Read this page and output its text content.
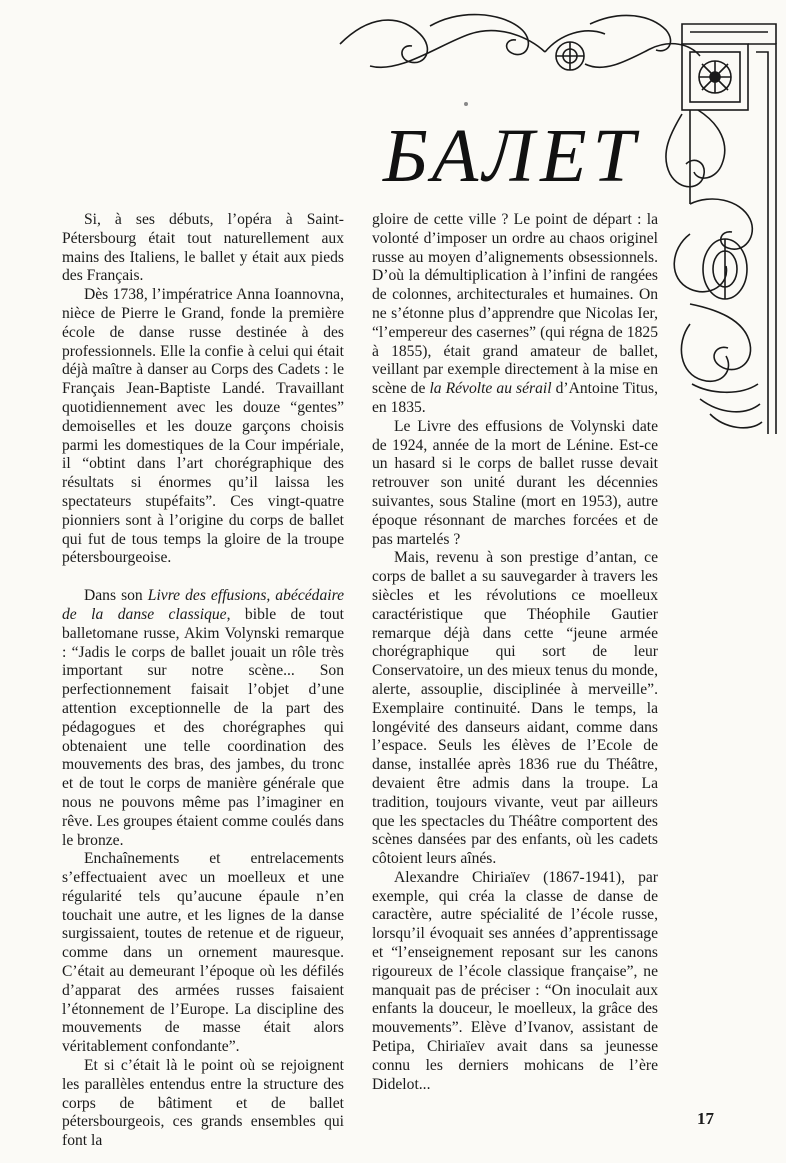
БАЛЕТ

Si, à ses débuts, l’opéra à Saint-Pétersbourg était tout naturellement aux mains des Italiens, le ballet y était aux pieds des Français.

Dès 1738, l’impératrice Anna Ioannovna, nièce de Pierre le Grand, fonde la première école de danse russe destinée à des professionnels. Elle la confie à celui qui était déjà maître à danser au Corps des Cadets : le Français Jean-Baptiste Landé. Travaillant quotidiennement avec les douze “gentes” demoiselles et les douze garçons choisis parmi les domestiques de la Cour impériale, il “obtint dans l’art chorégraphique des résultats si énormes qu’il laissa les spectateurs stupéfaits”. Ces vingt-quatre pionniers sont à l’origine du corps de ballet qui fut de tous temps la gloire de la troupe pétersbourgeoise.

Dans son Livre des effusions, abécédaire de la danse classique, bible de tout balletomane russe, Akim Volynski remarque : “Jadis le corps de ballet jouait un rôle très important sur notre scène... Son perfectionnement faisait l’objet d’une attention exceptionnelle de la part des pédagogues et des chorégraphes qui obtenaient une telle coordination des mouvements des bras, des jambes, du tronc et de tout le corps de manière générale que nous ne pouvons même pas l’imaginer en rêve. Les groupes étaient comme coulés dans le bronze.

Enchaînements et entrelacements s’effectuaient avec un moelleux et une régularité tels qu’aucune épaule n’en touchait une autre, et les lignes de la danse surgissaient, toutes de retenue et de rigueur, comme dans un ornement mauresque. C’était au demeurant l’époque où les défilés d’apparat des armées russes faisaient l’étonnement de l’Europe. La discipline des mouvements de masse était alors véritablement confondante”.

Et si c’était là le point où se rejoignent les parallèles entendus entre la structure des corps de bâtiment et de ballet pétersbourgeois, ces grands ensembles qui font la

gloire de cette ville ? Le point de départ : la volonté d’imposer un ordre au chaos originel russe au moyen d’alignements obsessionnels. D’où la démultiplication à l’infini de rangées de colonnes, architecturales et humaines. On ne s’étonne plus d’apprendre que Nicolas Ier, “l’empereur des casernes” (qui régna de 1825 à 1855), était grand amateur de ballet, veillant par exemple directement à la mise en scène de la Révolte au sérail d’Antoine Titus, en 1835.

Le Livre des effusions de Volynski date de 1924, année de la mort de Lénine. Est-ce un hasard si le corps de ballet russe devait retrouver son unité durant les décennies suivantes, sous Staline (mort en 1953), autre époque résonnant de marches forcées et de pas martelés ?

Mais, revenu à son prestige d’antan, ce corps de ballet a su sauvegarder à travers les siècles et les révolutions ce moelleux caractéristique que Théophile Gautier remarque déjà dans cette “jeune armée chorégraphique qui sort de leur Conservatoire, un des mieux tenus du monde, alerte, assouplie, disciplinée à merveille”. Exemplaire continuité. Dans le temps, la longévité des danseurs aidant, comme dans l’espace. Seuls les élèves de l’Ecole de danse, installée après 1836 rue du Théâtre, devaient être admis dans la troupe. La tradition, toujours vivante, veut par ailleurs que les spectacles du Théâtre comportent des scènes dansées par des enfants, où les cadets côtoient leurs aînés.

Alexandre Chiriaïev (1867-1941), par exemple, qui créa la classe de danse de caractère, autre spécialité de l’école russe, lorsqu’il évoquait ses années d’apprentissage et “l’enseignement reposant sur les canons rigoureux de l’école classique française”, ne manquait pas de préciser : “On inoculait aux enfants la douceur, le moelleux, la grâce des mouvements”. Elève d’Ivanov, assistant de Petipa, Chiriaïev avait dans sa jeunesse connu les derniers mohicans de l’ère Didelot...

17
